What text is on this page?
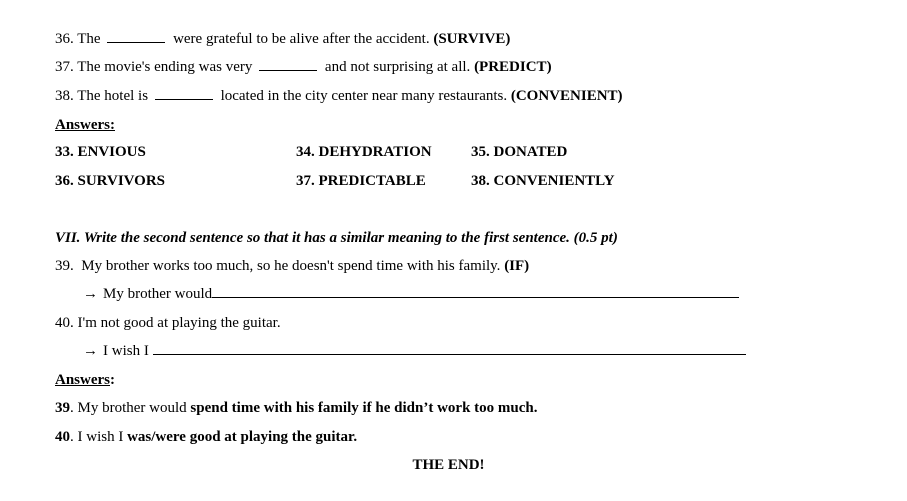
36. The	were grateful to be alive after the accident. (SURVIVE)
37. The movie's ending was very	and not surprising at all. (PREDICT)
38. The hotel is	located in the city center near many restaurants. (CONVENIENT)
Answers:
33. ENVIOUS	34. DEHYDRATION	35. DONATED
36. SURVIVORS	37. PREDICTABLE	38. CONVENIENTLY
VII. Write the second sentence so that it has a similar meaning to the first sentence. (0.5 pt)
39. My brother works too much, so he doesn't spend time with his family. (IF)
→ My brother would
40. I'm not good at playing the guitar.
→ I wish I
Answers:
39. My brother would spend time with his family if he didn’t work too much.
40. I wish I was/were good at playing the guitar.
THE END!
